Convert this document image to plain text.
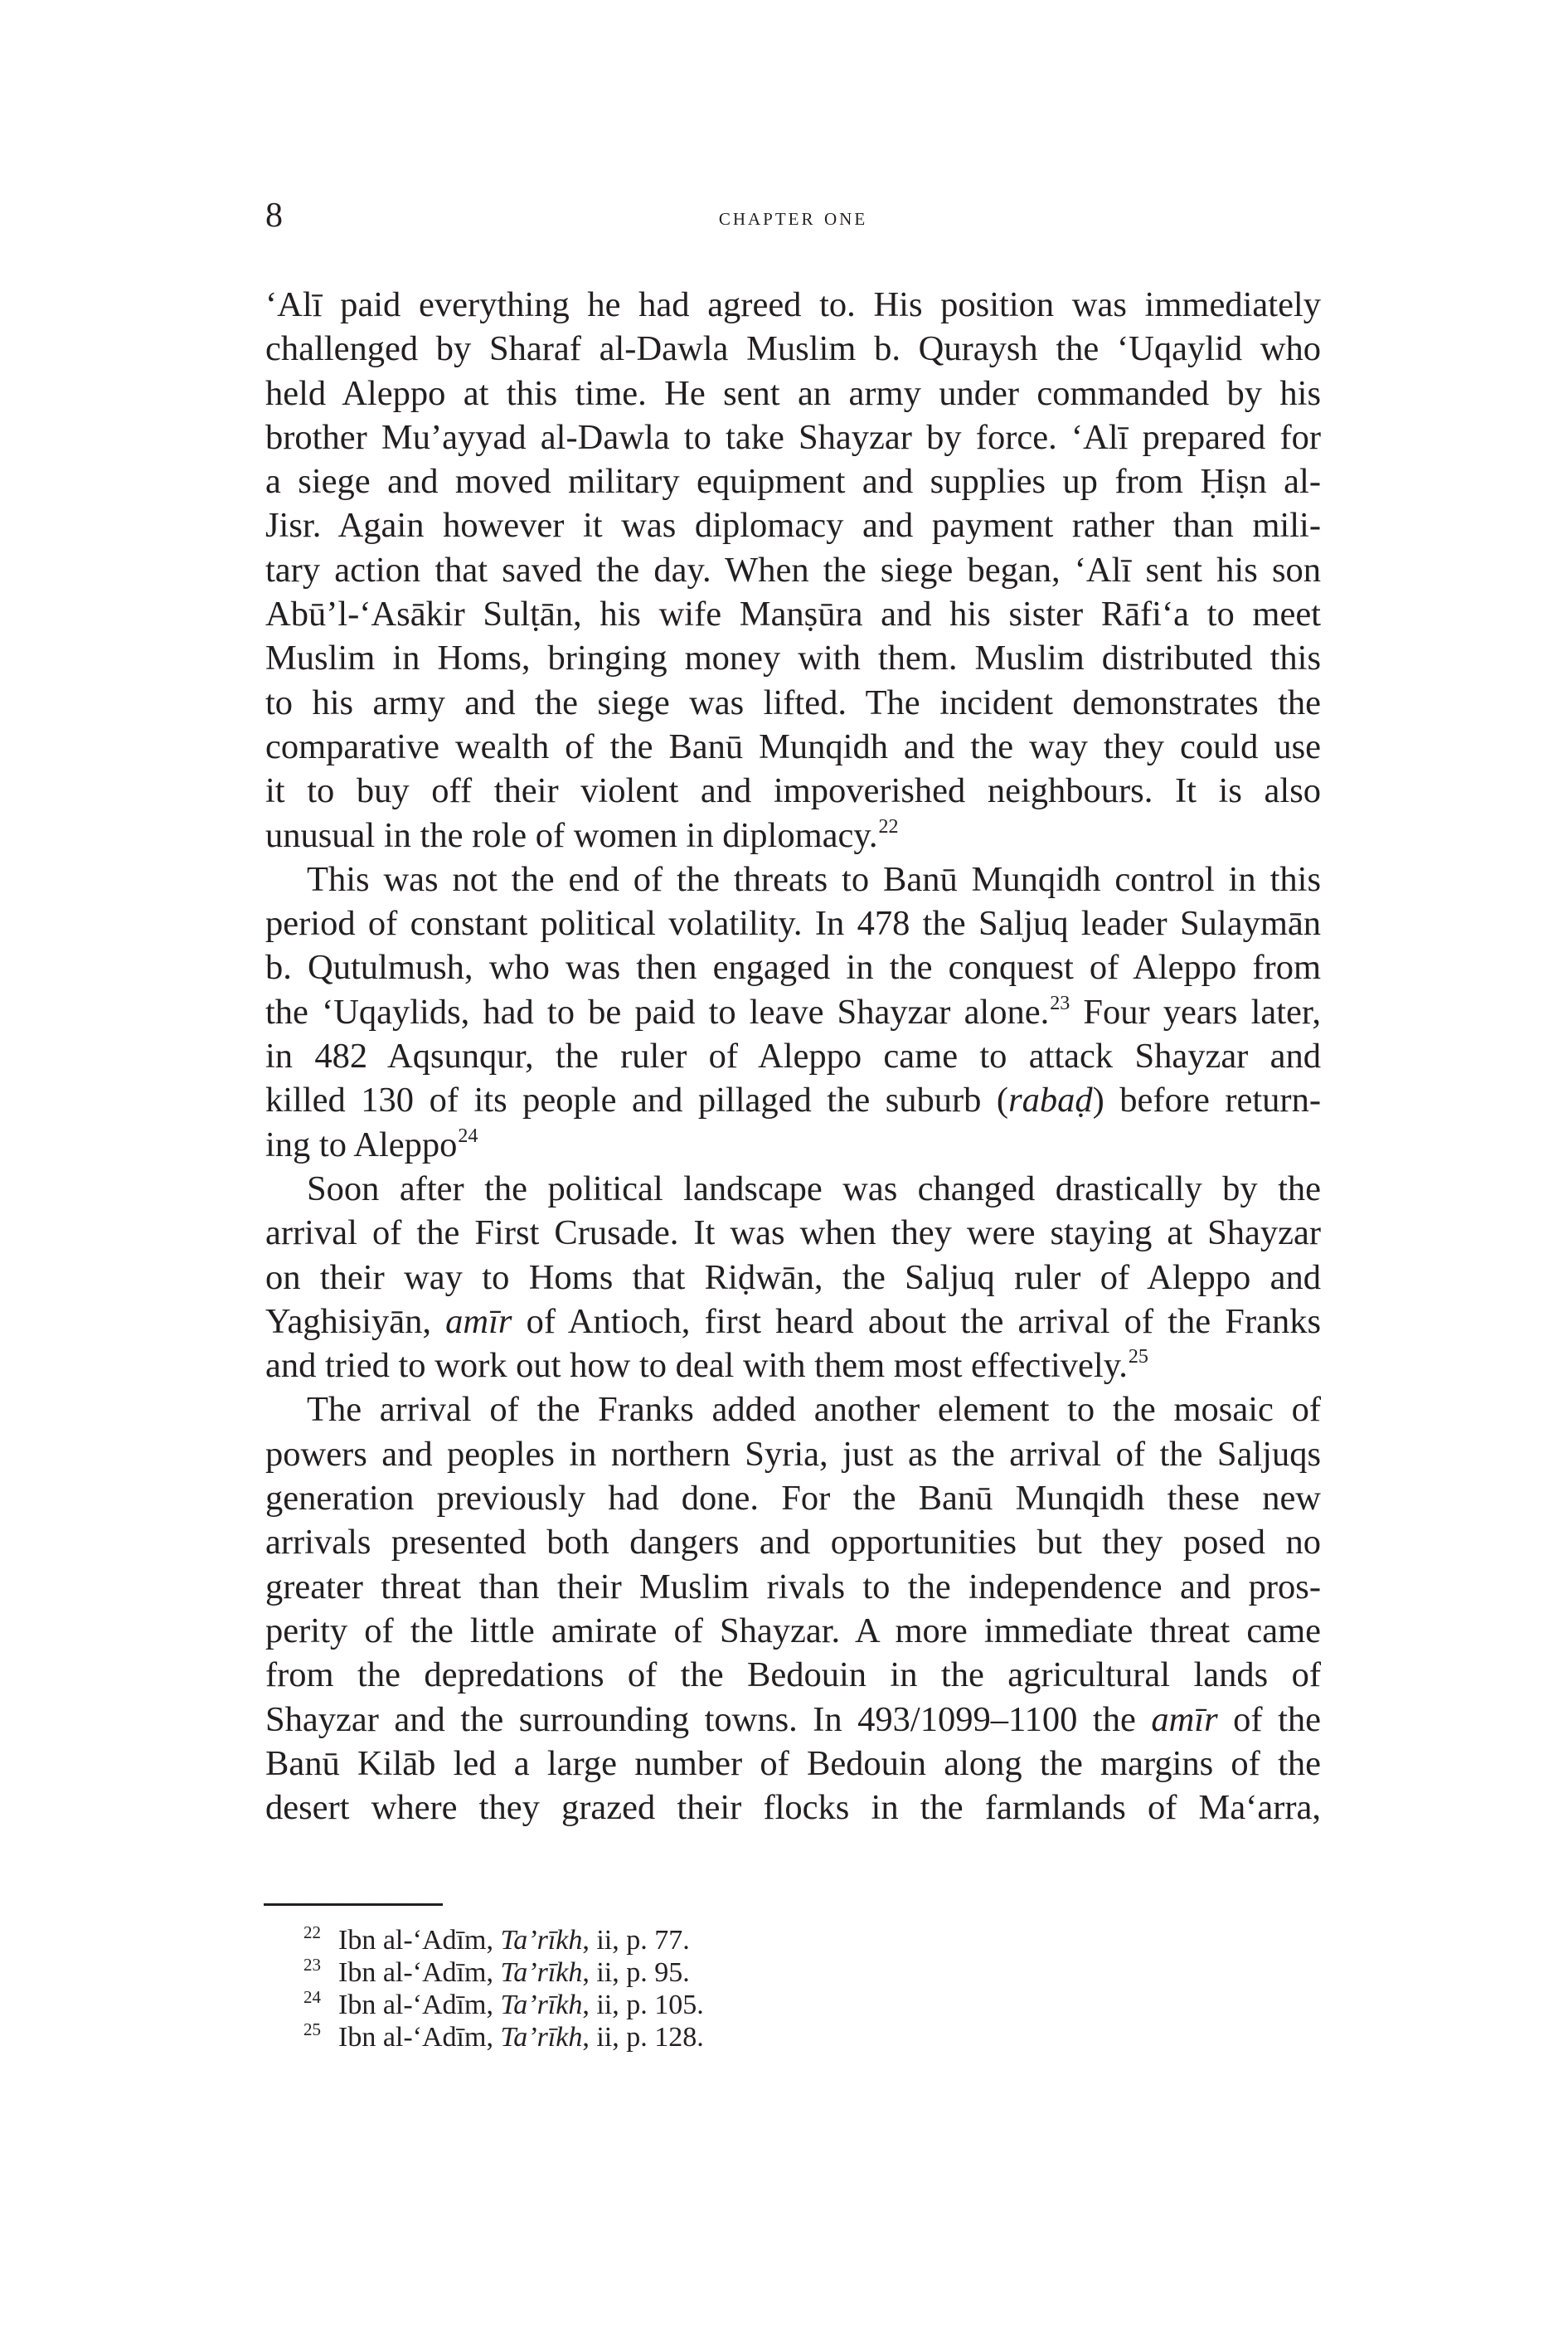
8	chapter one
‘Alī paid everything he had agreed to. His position was immediately
challenged by Sharaf al-Dawla Muslim b. Quraysh the ‘Uqaylid who
held Aleppo at this time. He sent an army under commanded by his
brother Mu’ayyad al-Dawla to take Shayzar by force. ‘Alī prepared for
a siege and moved military equipment and supplies up from Ḥiṣn al-
Jisr. Again however it was diplomacy and payment rather than mili-
tary action that saved the day. When the siege began, ‘Alī sent his son
Abū’l-‘Asākir Sulṭān, his wife Manṣūra and his sister Rāfi‘a to meet
Muslim in Homs, bringing money with them. Muslim distributed this
to his army and the siege was lifted. The incident demonstrates the
comparative wealth of the Banū Munqidh and the way they could use
it to buy off their violent and impoverished neighbours. It is also
unusual in the role of women in diplomacy.$^{22}$
This was not the end of the threats to Banū Munqidh control in this
period of constant political volatility. In 478 the Saljuq leader Sulaymān
b. Qutulmush, who was then engaged in the conquest of Aleppo from
the ‘Uqaylids, had to be paid to leave Shayzar alone.$^{23}$ Four years later,
in 482 Aqsunqur, the ruler of Aleppo came to attack Shayzar and
killed 130 of its people and pillaged the suburb (rabaḍ) before return-
ing to Aleppo$^{24}$
Soon after the political landscape was changed drastically by the
arrival of the First Crusade. It was when they were staying at Shayzar
on their way to Homs that Riḍwān, the Saljuq ruler of Aleppo and
Yaghisiyān, amīr of Antioch, first heard about the arrival of the Franks
and tried to work out how to deal with them most effectively.$^{25}$
The arrival of the Franks added another element to the mosaic of
powers and peoples in northern Syria, just as the arrival of the Saljuqs
generation previously had done. For the Banū Munqidh these new
arrivals presented both dangers and opportunities but they posed no
greater threat than their Muslim rivals to the independence and pros-
perity of the little amirate of Shayzar. A more immediate threat came
from the depredations of the Bedouin in the agricultural lands of
Shayzar and the surrounding towns. In 493/1099–1100 the amīr of the
Banū Kilāb led a large number of Bedouin along the margins of the
desert where they grazed their flocks in the farmlands of Ma‘arra,
22 Ibn al-‘Adīm, Ta’rīkh, ii, p. 77.
23 Ibn al-‘Adīm, Ta’rīkh, ii, p. 95.
24 Ibn al-‘Adīm, Ta’rīkh, ii, p. 105.
25 Ibn al-‘Adīm, Ta’rīkh, ii, p. 128.
